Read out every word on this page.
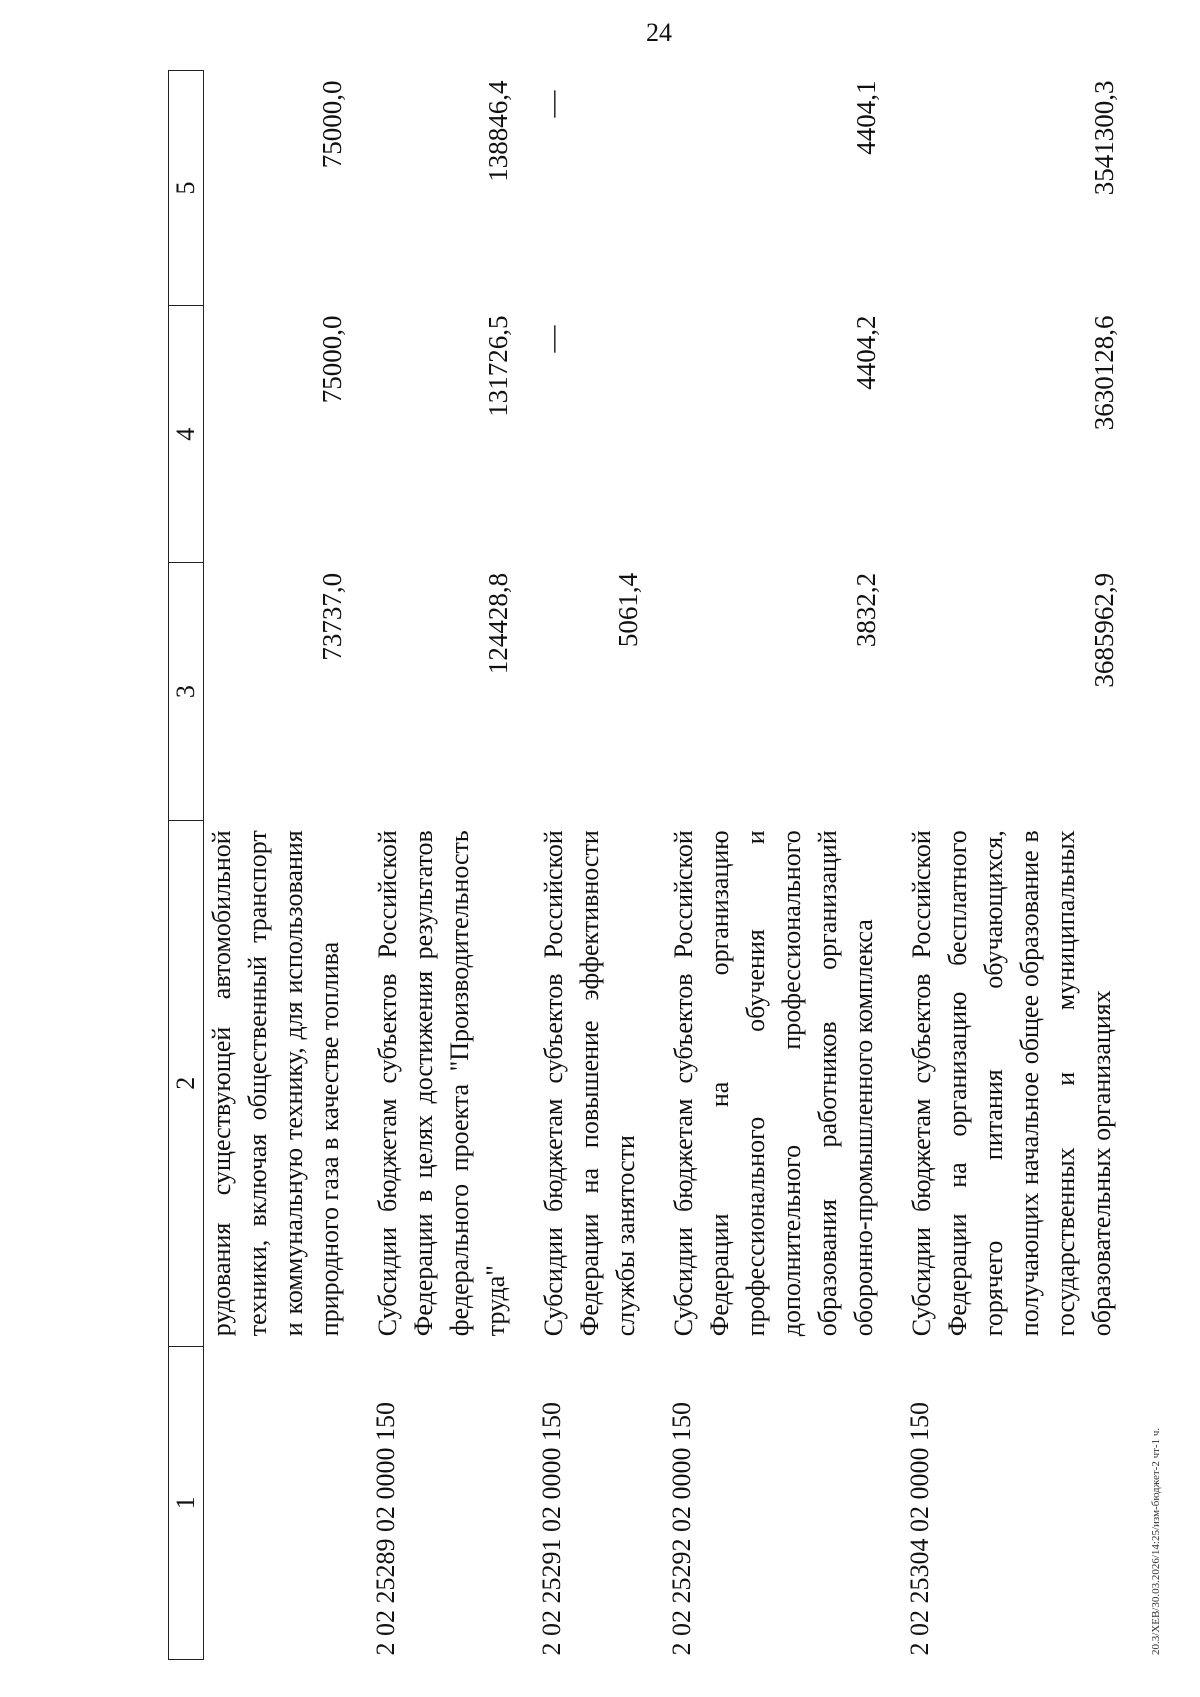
24
1	2	3	4	5
	рудования существующей автомобильной техники, включая общественный транспорт и коммунальную технику, для использования природного газа в качестве топлива	73737,0	75000,0	75000,0
2 02 25289 02 0000 150	Субсидии бюджетам субъектов Российской Федерации в целях достижения результатов федерального проекта "Производительность труда"	124428,8	131726,5	138846,4
2 02 25291 02 0000 150	Субсидии бюджетам субъектов Российской Федерации на повышение эффективности службы занятости	5061,4	—	—
2 02 25292 02 0000 150	Субсидии бюджетам субъектов Российской Федерации на организацию профессионального обучения и дополнительного профессионального образования работников организаций оборонно-промышленного комплекса	3832,2	4404,2	4404,1
2 02 25304 02 0000 150	Субсидии бюджетам субъектов Российской Федерации на организацию бесплатного горячего питания обучающихся, получающих начальное общее образование в государственных и муниципальных образовательных организациях	3685962,9	3630128,6	3541300,3
20.3/ХЕВ/30.03.2026/14:25/изм-бюджет-2 чт-1 ч.
